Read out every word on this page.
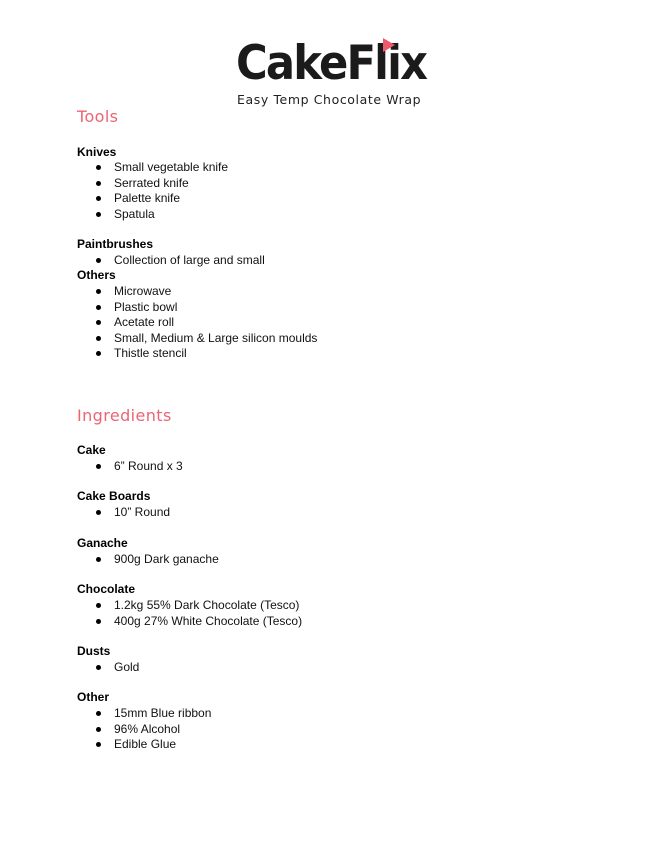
CakeFlix
Easy Temp Chocolate Wrap
Tools
Knives
Small vegetable knife
Serrated knife
Palette knife
Spatula
Paintbrushes
Collection of large and small
Others
Microwave
Plastic bowl
Acetate roll
Small, Medium & Large silicon moulds
Thistle stencil
Ingredients
Cake
6” Round x 3
Cake Boards
10” Round
Ganache
900g Dark ganache
Chocolate
1.2kg 55% Dark Chocolate (Tesco)
400g 27% White Chocolate (Tesco)
Dusts
Gold
Other
15mm Blue ribbon
96% Alcohol
Edible Glue
